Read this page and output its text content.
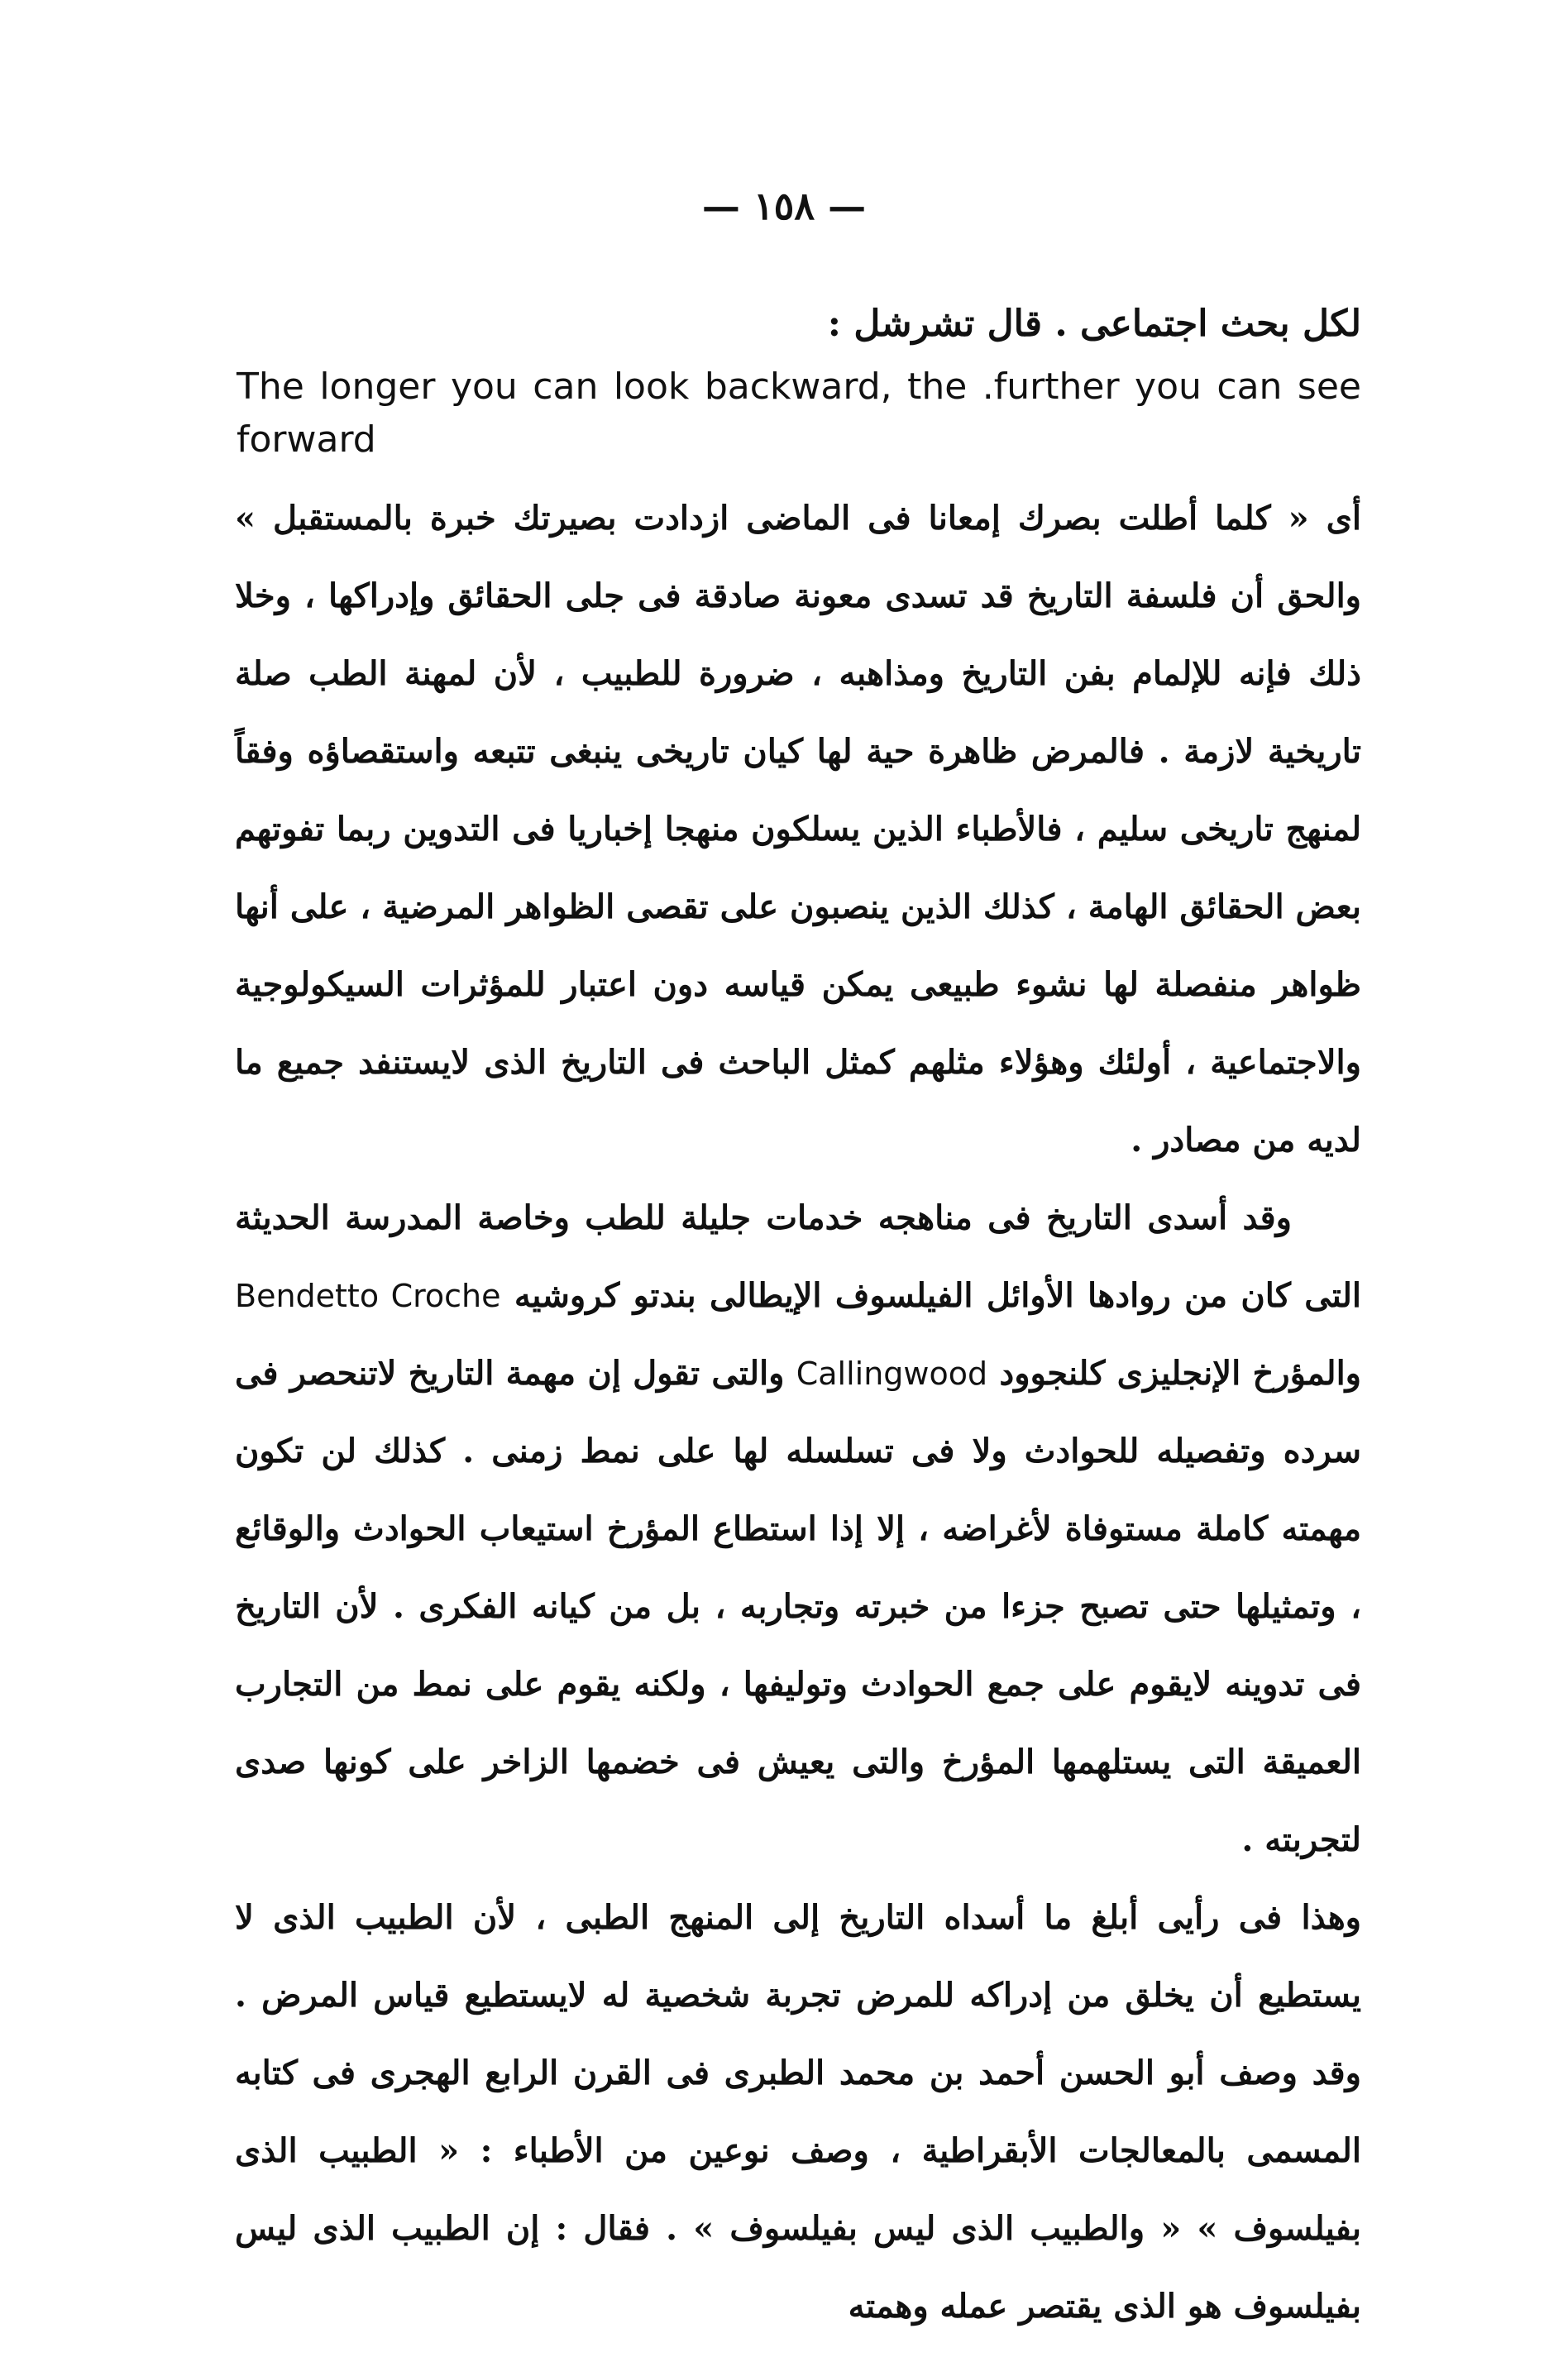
— ١٥٨ —
لكل بحث اجتماعى . قال تشرشل :
The longer you can look backward, the .further you can see forward

أى « كلما أطلت بصرك إمعانا فى الماضى ازدادت بصيرتك خبرة بالمستقبل » والحق أن فلسفة التاريخ قد تسدى معونة صادقة فى جلى الحقائق وإدراكها ، وخلا ذلك فإنه للإلمام بفن التاريخ ومذاهبه ، ضرورة للطبيب ، لأن لمهنة الطب صلة تاريخية لازمة . فالمرض ظاهرة حية لها كيان تاريخى ينبغى تتبعه واستقصاؤه وفقاً لمنهج تاريخى سليم ، فالأطباء الذين يسلكون منهجا إخباريا فى التدوين ربما تفوتهم بعض الحقائق الهامة ، كذلك الذين ينصبون على تقصى الظواهر المرضية ، على أنها ظواهر منفصلة لها نشوء طبيعى يمكن قياسه دون اعتبار للمؤثرات السيكولوجية والاجتماعية ، أولئك وهؤلاء مثلهم كمثل الباحث فى التاريخ الذى لايستنفد جميع ما لديه من مصادر .

وقد أسدى التاريخ فى مناهجه خدمات جليلة للطب وخاصة المدرسة الحديثة التى كان من روادها الأوائل الفيلسوف الإيطالى بندتو كروشيه Bendetto Croche والمؤرخ الإنجليزى كلنجوود Callingwood والتى تقول إن مهمة التاريخ لاتنحصر فى سرده وتفصيله للحوادث ولا فى تسلسله لها على نمط زمنى . كذلك لن تكون مهمته كاملة مستوفاة لأغراضه ، إلا إذا استطاع المؤرخ استيعاب الحوادث والوقائع ، وتمثيلها حتى تصبح جزءا من خبرته وتجاربه ، بل من كيانه الفكرى . لأن التاريخ فى تدوينه لايقوم على جمع الحوادث وتوليفها ، ولكنه يقوم على نمط من التجارب العميقة التى يستلهمها المؤرخ والتى يعيش فى خضمها الزاخر على كونها صدى لتجربته .

وهذا فى رأيى أبلغ ما أسداه التاريخ إلى المنهج الطبى ، لأن الطبيب الذى لا يستطيع أن يخلق من إدراكه للمرض تجربة شخصية له لايستطيع قياس المرض . وقد وصف أبو الحسن أحمد بن محمد الطبرى فى القرن الرابع الهجرى فى كتابه المسمى بالمعالجات الأبقراطية ، وصف نوعين من الأطباء : « الطبيب الذى بفيلسوف » « والطبيب الذى ليس بفيلسوف » . فقال : إن الطبيب الذى ليس بفيلسوف هو الذى يقتصر عمله وهمته
